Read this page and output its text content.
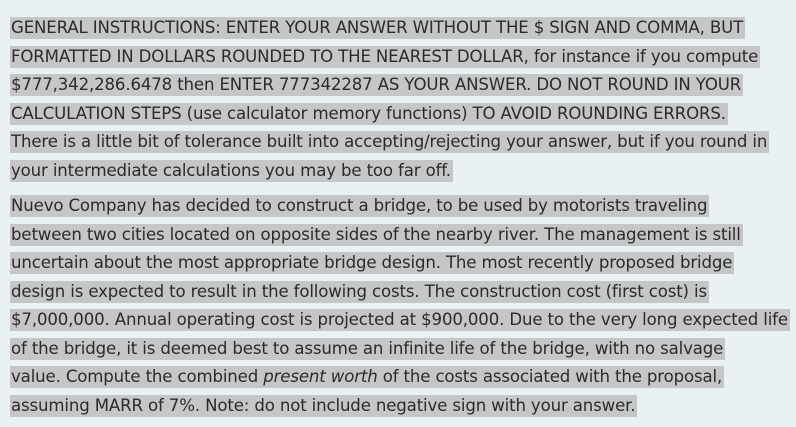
GENERAL INSTRUCTIONS: ENTER YOUR ANSWER WITHOUT THE $ SIGN AND COMMA, BUT
FORMATTED IN DOLLARS ROUNDED TO THE NEAREST DOLLAR, for instance if you compute
$777,342,286.6478 then ENTER 777342287 AS YOUR ANSWER. DO NOT ROUND IN YOUR
CALCULATION STEPS (use calculator memory functions) TO AVOID ROUNDING ERRORS.
There is a little bit of tolerance built into accepting/rejecting your answer, but if you round in
your intermediate calculations you may be too far off.

Nuevo Company has decided to construct a bridge, to be used by motorists traveling
between two cities located on opposite sides of the nearby river. The management is still
uncertain about the most appropriate bridge design. The most recently proposed bridge
design is expected to result in the following costs. The construction cost (first cost) is
$7,000,000. Annual operating cost is projected at $900,000. Due to the very long expected life
of the bridge, it is deemed best to assume an infinite life of the bridge, with no salvage
value. Compute the combined present worth of the costs associated with the proposal,
assuming MARR of 7%. Note: do not include negative sign with your answer.
